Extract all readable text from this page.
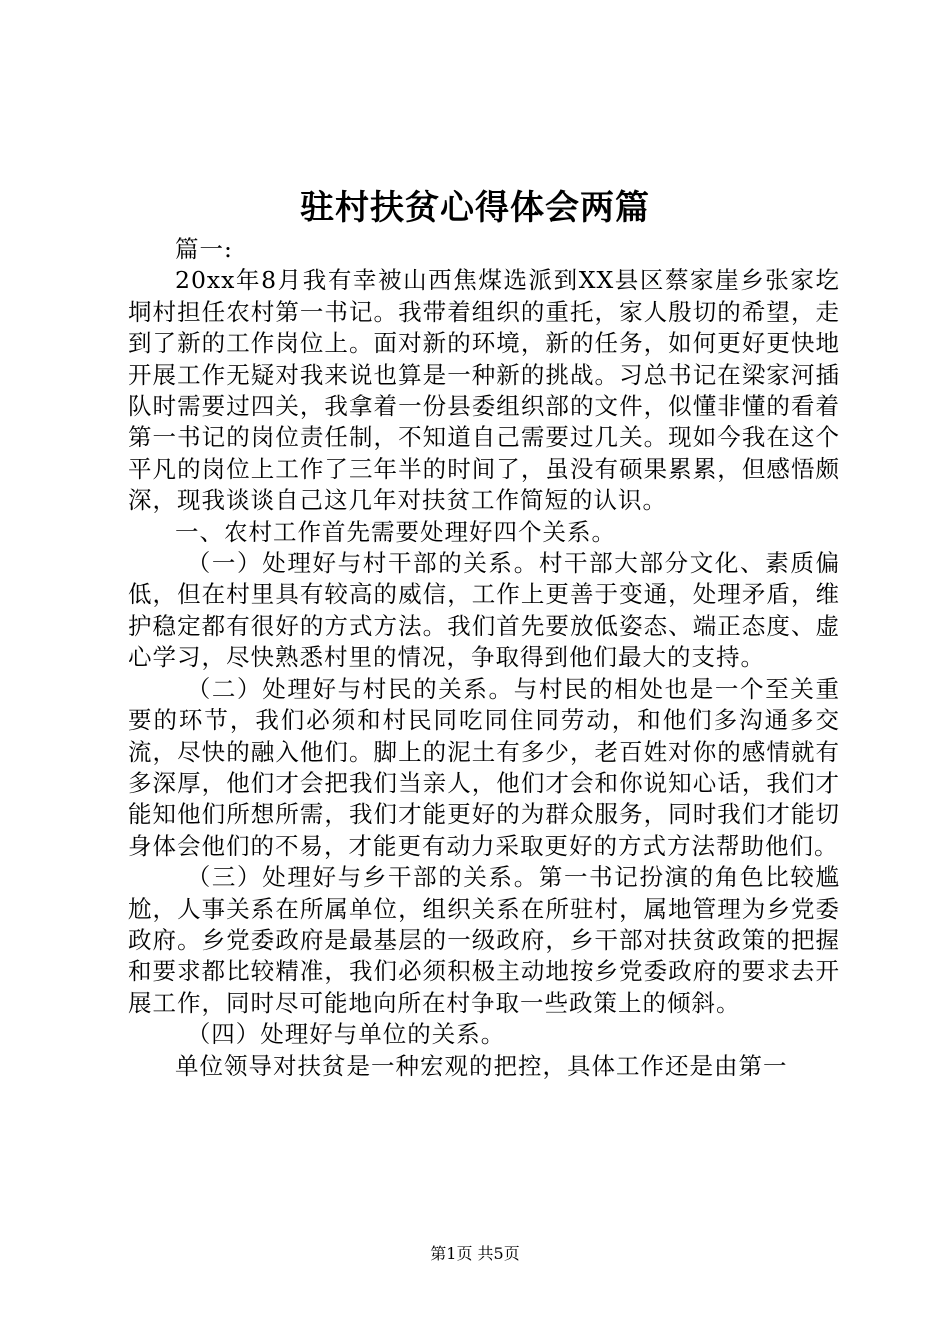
驻村扶贫心得体会两篇

篇一:

20xx年8月我有幸被山西焦煤选派到XX县区蔡家崖乡张家圪垌村担任农村第一书记。我带着组织的重托，家人殷切的希望，走到了新的工作岗位上。面对新的环境，新的任务，如何更好更快地开展工作无疑对我来说也算是一种新的挑战。习总书记在梁家河插队时需要过四关，我拿着一份县委组织部的文件，似懂非懂的看着第一书记的岗位责任制，不知道自己需要过几关。现如今我在这个平凡的岗位上工作了三年半的时间了，虽没有硕果累累，但感悟颇深，现我谈谈自己这几年对扶贫工作简短的认识。

一、农村工作首先需要处理好四个关系。

（一）处理好与村干部的关系。村干部大部分文化、素质偏低，但在村里具有较高的威信，工作上更善于变通，处理矛盾，维护稳定都有很好的方式方法。我们首先要放低姿态、端正态度、虚心学习，尽快熟悉村里的情况，争取得到他们最大的支持。

（二）处理好与村民的关系。与村民的相处也是一个至关重要的环节，我们必须和村民同吃同住同劳动，和他们多沟通多交流，尽快的融入他们。脚上的泥土有多少，老百姓对你的感情就有多深厚，他们才会把我们当亲人，他们才会和你说知心话，我们才能知他们所想所需，我们才能更好的为群众服务，同时我们才能切身体会他们的不易，才能更有动力采取更好的方式方法帮助他们。

（三）处理好与乡干部的关系。第一书记扮演的角色比较尴尬，人事关系在所属单位，组织关系在所驻村，属地管理为乡党委政府。乡党委政府是最基层的一级政府，乡干部对扶贫政策的把握和要求都比较精准，我们必须积极主动地按乡党委政府的要求去开展工作，同时尽可能地向所在村争取一些政策上的倾斜。

（四）处理好与单位的关系。

单位领导对扶贫是一种宏观的把控，具体工作还是由第一

第1页 共5页
